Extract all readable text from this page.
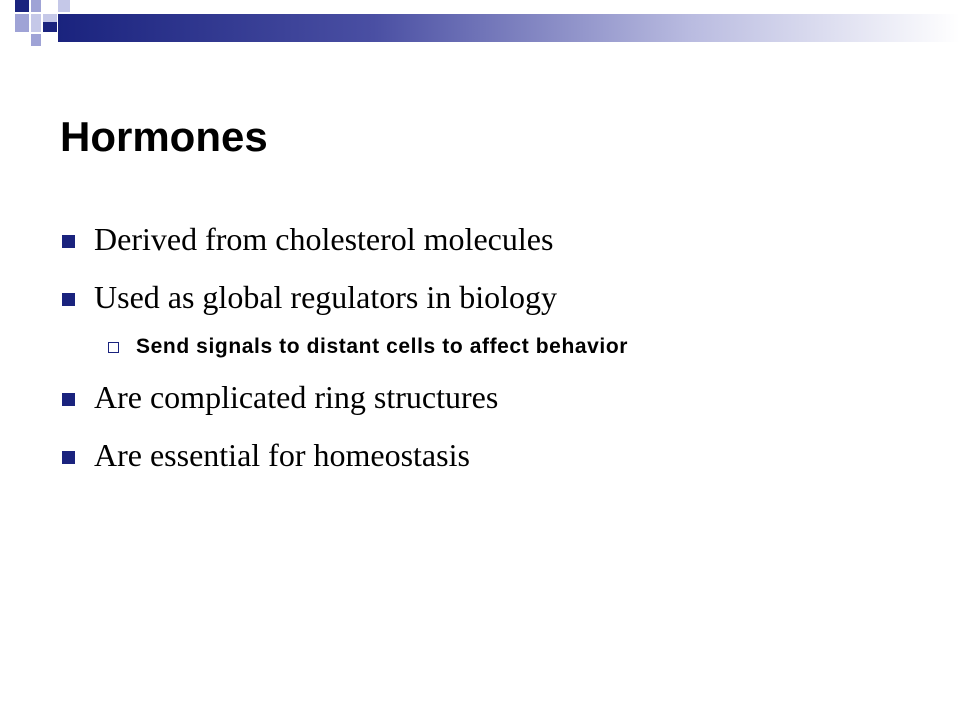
Hormones
Derived from cholesterol molecules
Used as global regulators in biology
Send signals to distant cells to affect behavior
Are complicated ring structures
Are essential for homeostasis
